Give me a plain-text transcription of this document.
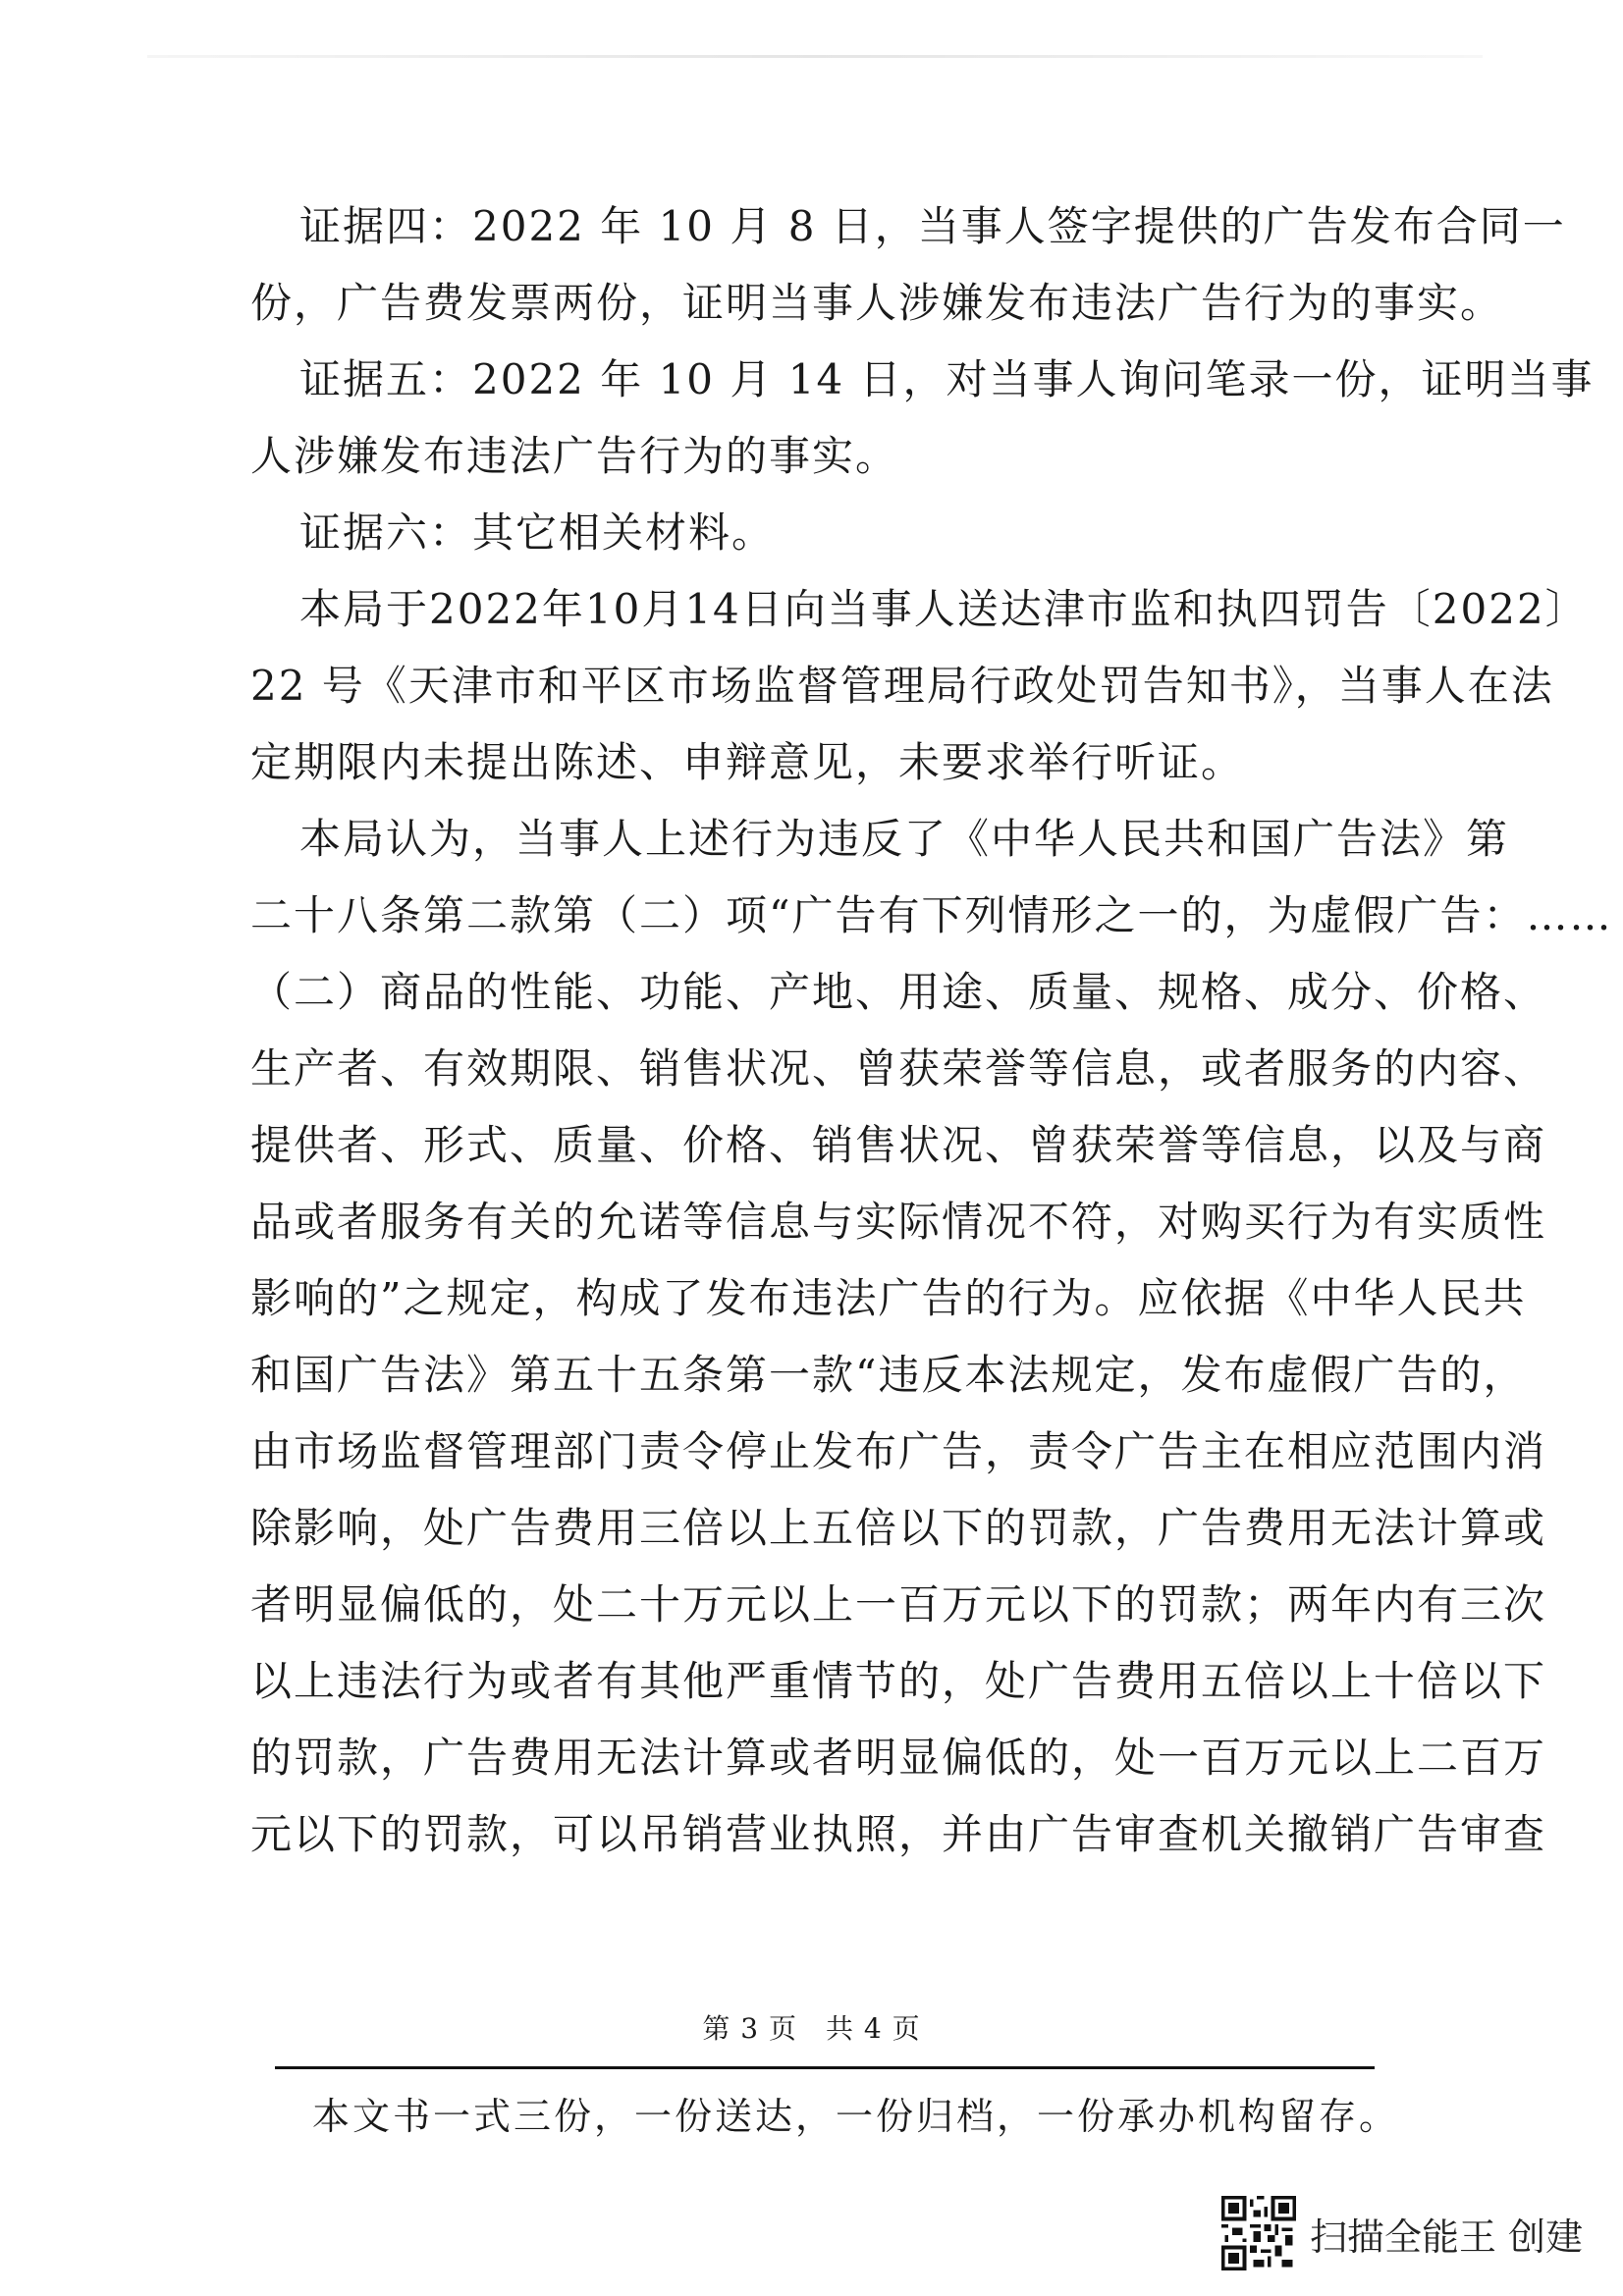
证据四：2022 年 10 月 8 日，当事人签字提供的广告发布合同一
份，广告费发票两份，证明当事人涉嫌发布违法广告行为的事实。
证据五：2022 年 10 月 14 日，对当事人询问笔录一份，证明当事
人涉嫌发布违法广告行为的事实。
证据六：其它相关材料。
本局于2022年10月14日向当事人送达津市监和执四罚告〔2022〕
22 号《天津市和平区市场监督管理局行政处罚告知书》，当事人在法
定期限内未提出陈述、申辩意见，未要求举行听证。
本局认为，当事人上述行为违反了《中华人民共和国广告法》第
二十八条第二款第（二）项“广告有下列情形之一的，为虚假广告：……
（二）商品的性能、功能、产地、用途、质量、规格、成分、价格、
生产者、有效期限、销售状况、曾获荣誉等信息，或者服务的内容、
提供者、形式、质量、价格、销售状况、曾获荣誉等信息，以及与商
品或者服务有关的允诺等信息与实际情况不符，对购买行为有实质性
影响的”之规定，构成了发布违法广告的行为。应依据《中华人民共
和国广告法》第五十五条第一款“违反本法规定，发布虚假广告的，
由市场监督管理部门责令停止发布广告，责令广告主在相应范围内消
除影响，处广告费用三倍以上五倍以下的罚款，广告费用无法计算或
者明显偏低的，处二十万元以上一百万元以下的罚款；两年内有三次
以上违法行为或者有其他严重情节的，处广告费用五倍以上十倍以下
的罚款，广告费用无法计算或者明显偏低的，处一百万元以上二百万
元以下的罚款，可以吊销营业执照，并由广告审查机关撤销广告审查
第 3 页　共 4 页
本文书一式三份，一份送达，一份归档，一份承办机构留存。
扫描全能王 创建
